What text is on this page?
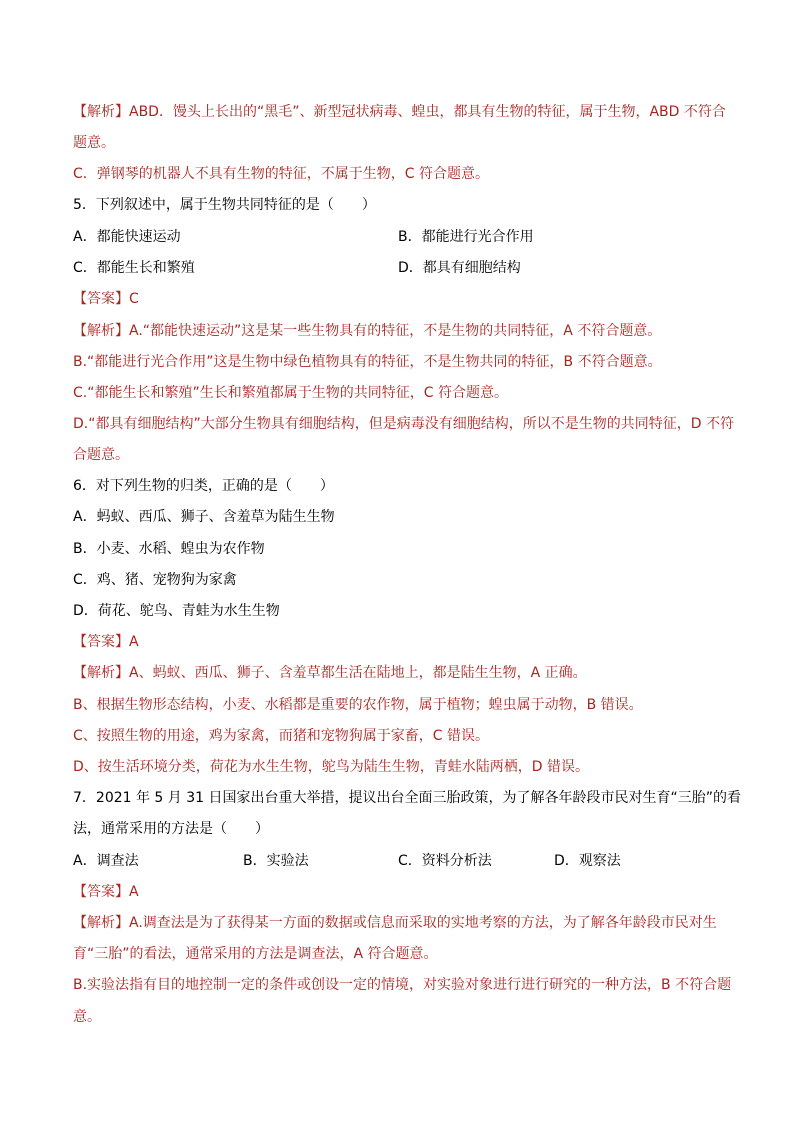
【解析】ABD．馒头上长出的“黑毛”、新型冠状病毒、蝗虫，都具有生物的特征，属于生物，ABD 不符合
题意。
C．弹钢琴的机器人不具有生物的特征，不属于生物，C 符合题意。
5．下列叙述中，属于生物共同特征的是（　　）
A．都能快速运动	B．都能进行光合作用
C．都能生长和繁殖	D．都具有细胞结构
【答案】C
【解析】A.“都能快速运动”这是某一些生物具有的特征，不是生物的共同特征，A 不符合题意。
B.“都能进行光合作用”这是生物中绿色植物具有的特征，不是生物共同的特征，B 不符合题意。
C.“都能生长和繁殖”生长和繁殖都属于生物的共同特征，C 符合题意。
D.“都具有细胞结构”大部分生物具有细胞结构，但是病毒没有细胞结构，所以不是生物的共同特征，D 不符
合题意。
6．对下列生物的归类，正确的是（　　）
A．蚂蚁、西瓜、狮子、含羞草为陆生生物
B．小麦、水稻、蝗虫为农作物
C．鸡、猪、宠物狗为家禽
D．荷花、鸵鸟、青蛙为水生生物
【答案】A
【解析】A、蚂蚁、西瓜、狮子、含羞草都生活在陆地上，都是陆生生物，A 正确。
B、根据生物形态结构，小麦、水稻都是重要的农作物，属于植物；蝗虫属于动物，B 错误。
C、按照生物的用途，鸡为家禽，而猪和宠物狗属于家畜，C 错误。
D、按生活环境分类，荷花为水生生物，鸵鸟为陆生生物，青蛙水陆两栖，D 错误。
7．2021 年 5 月 31 日国家出台重大举措，提议出台全面三胎政策，为了解各年龄段市民对生育“三胎”的看
法，通常采用的方法是（　　）
A．调查法	B．实验法	C．资料分析法	D．观察法
【答案】A
【解析】A.调查法是为了获得某一方面的数据或信息而采取的实地考察的方法，为了解各年龄段市民对生
育“三胎”的看法，通常采用的方法是调查法，A 符合题意。
B.实验法指有目的地控制一定的条件或创设一定的情境，对实验对象进行进行研究的一种方法，B 不符合题
意。
